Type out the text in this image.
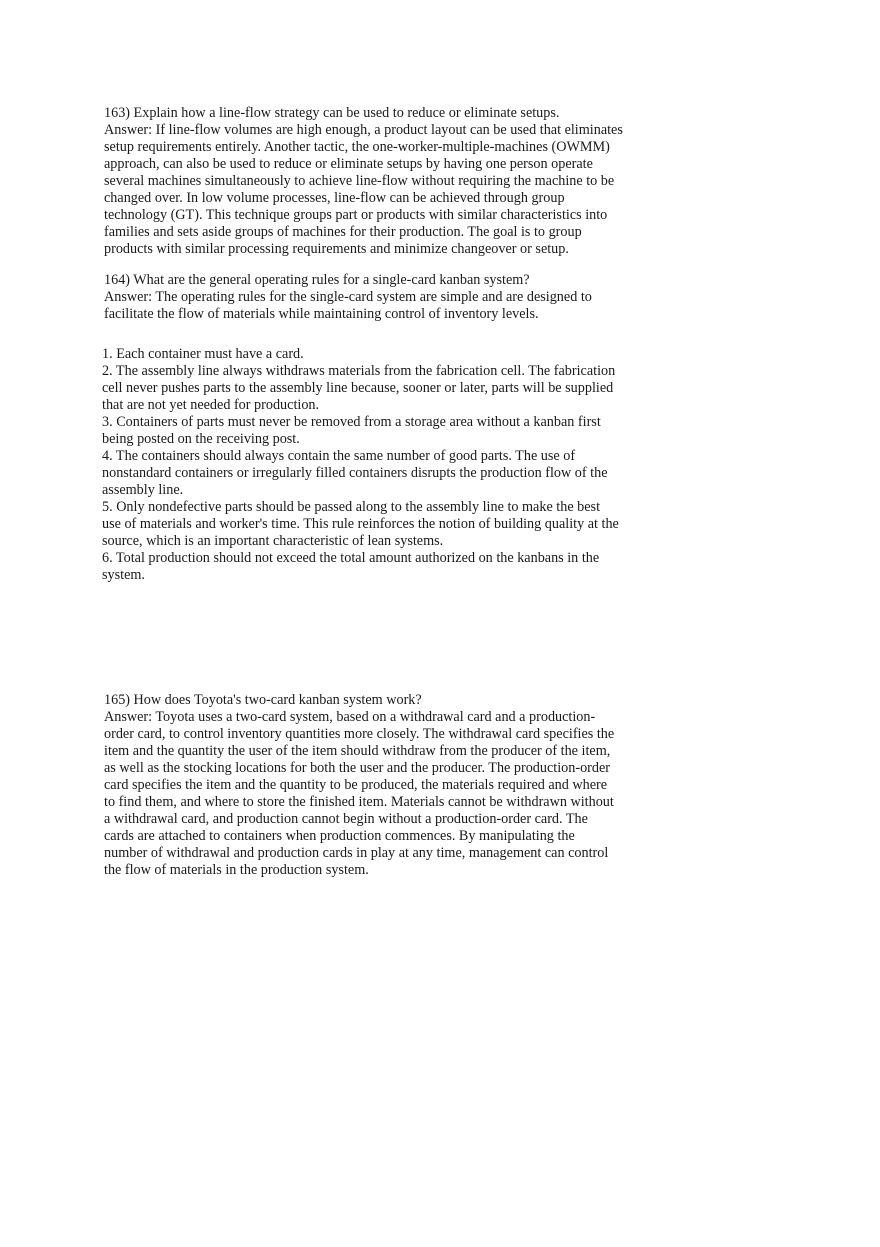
163) Explain how a line-flow strategy can be used to reduce or eliminate setups.
Answer: If line-flow volumes are high enough, a product layout can be used that eliminates
setup requirements entirely. Another tactic, the one-worker-multiple-machines (OWMM)
approach, can also be used to reduce or eliminate setups by having one person operate
several machines simultaneously to achieve line-flow without requiring the machine to be
changed over. In low volume processes, line-flow can be achieved through group
technology (GT). This technique groups part or products with similar characteristics into
families and sets aside groups of machines for their production. The goal is to group
products with similar processing requirements and minimize changeover or setup.
164) What are the general operating rules for a single-card kanban system?
Answer: The operating rules for the single-card system are simple and are designed to
facilitate the flow of materials while maintaining control of inventory levels.
1. Each container must have a card.
2. The assembly line always withdraws materials from the fabrication cell. The fabrication
cell never pushes parts to the assembly line because, sooner or later, parts will be supplied
that are not yet needed for production.
3. Containers of parts must never be removed from a storage area without a kanban first
being posted on the receiving post.
4. The containers should always contain the same number of good parts. The use of
nonstandard containers or irregularly filled containers disrupts the production flow of the
assembly line.
5. Only nondefective parts should be passed along to the assembly line to make the best
use of materials and worker's time. This rule reinforces the notion of building quality at the
source, which is an important characteristic of lean systems.
6. Total production should not exceed the total amount authorized on the kanbans in the
system.
165) How does Toyota's two-card kanban system work?
Answer: Toyota uses a two-card system, based on a withdrawal card and a production-
order card, to control inventory quantities more closely. The withdrawal card specifies the
item and the quantity the user of the item should withdraw from the producer of the item,
as well as the stocking locations for both the user and the producer. The production-order
card specifies the item and the quantity to be produced, the materials required and where
to find them, and where to store the finished item. Materials cannot be withdrawn without
a withdrawal card, and production cannot begin without a production-order card. The
cards are attached to containers when production commences. By manipulating the
number of withdrawal and production cards in play at any time, management can control
the flow of materials in the production system.
